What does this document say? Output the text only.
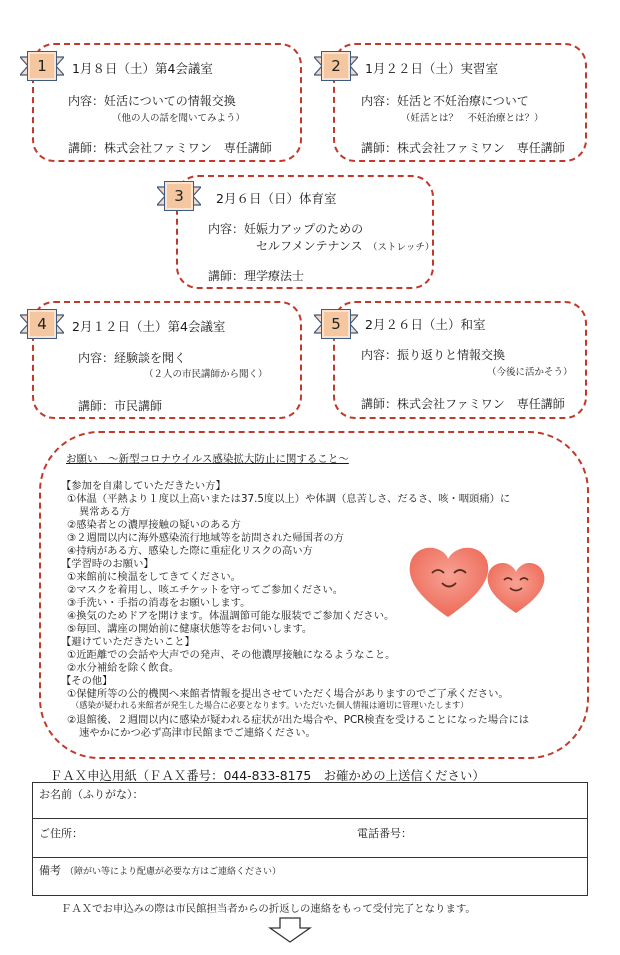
1月８日（土）第4会議室
内容：妊活についての情報交換
（他の人の話を聞いてみよう）
講師：株式会社ファミワン　専任講師
1月２２日（土）実習室
内容：妊活と不妊治療について
（妊活とは？　不妊治療とは？）
講師：株式会社ファミワン　専任講師
2月６日（日）体育室
内容：妊娠力アップのための
セルフメンテナンス （ストレッチ）
講師：理学療法士
2月１２日（土）第4会議室
内容：経験談を聞く
（２人の市民講師から聞く）
講師：市民講師
2月２６日（土）和室
内容：振り返りと情報交換
（今後に活かそう）
講師：株式会社ファミワン　専任講師
1	2
3
4	5
お願い　～新型コロナウイルス感染拡大防止に関すること～
【参加を自粛していただきたい方】
①体温（平熱より１度以上高いまたは37.5度以上）や体調（息苦しさ、だるさ、咳・咽頭痛）に
異常ある方
②感染者との濃厚接触の疑いのある方
③２週間以内に海外感染流行地域等を訪問された帰国者の方
④持病がある方、感染した際に重症化リスクの高い方
【学習時のお願い】
①来館前に検温をしてきてください。
②マスクを着用し、咳エチケットを守ってご参加ください。
③手洗い・手指の消毒をお願いします。
④換気のためドアを開けます。体温調節可能な服装でご参加ください。
⑤毎回、講座の開始前に健康状態等をお伺いします。
【避けていただきたいこと】
①近距離での会話や大声での発声、その他濃厚接触になるようなこと。
②水分補給を除く飲食。
【その他】
①保健所等の公的機関へ来館者情報を提出させていただく場合がありますのでご了承ください。
（感染が疑われる来館者が発生した場合に必要となります。いただいた個人情報は適切に管理いたします）
②退館後、２週間以内に感染が疑われる症状が出た場合や、PCR検査を受けることになった場合には
速やかにかつ必ず高津市民館までご連絡ください。
ＦＡＸ申込用紙（ＦＡＸ番号：044-833-8175　お確かめの上送信ください）
お名前（ふりがな）：
ご住所：	電話番号：
備考 （障がい等により配慮が必要な方はご連絡ください）
ＦＡＸでお申込みの際は市民館担当者からの折返しの連絡をもって受付完了となります。
